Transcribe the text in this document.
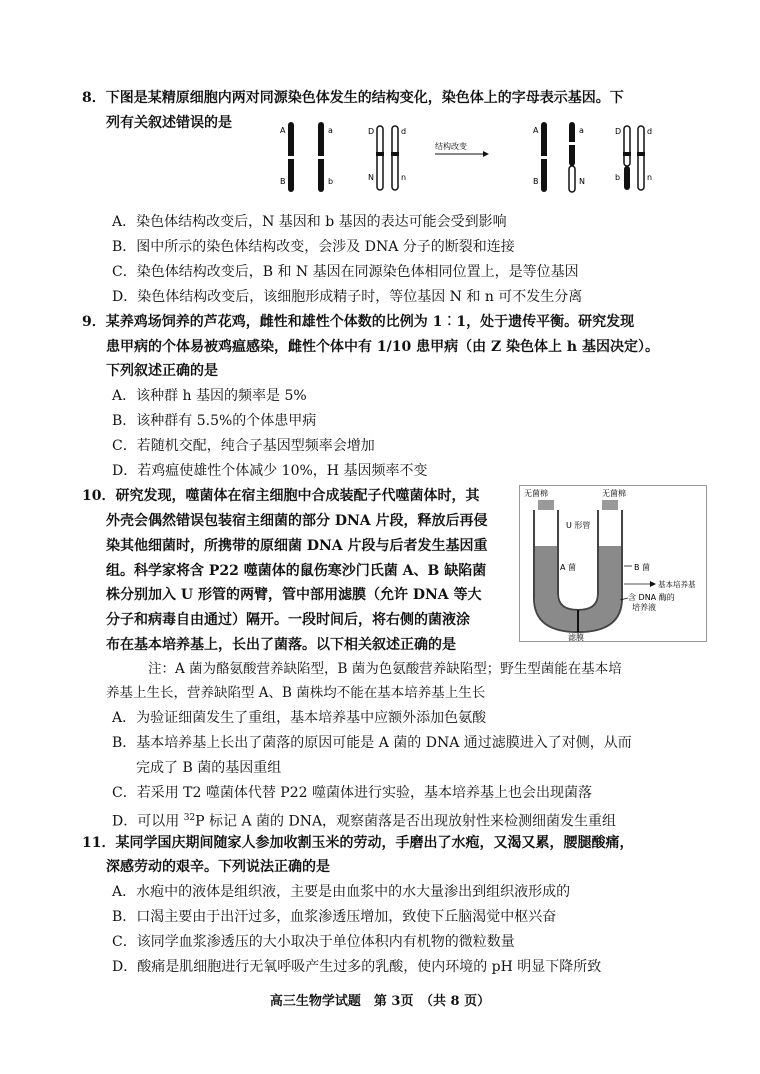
8．下图是某精原细胞内两对同源染色体发生的结构变化，染色体上的字母表示基因。下
列有关叙述错误的是	A
B
a
b
D
N
d
n
结构改变
A
B
a
N
D
b
d
n
A．染色体结构改变后，N 基因和 b 基因的表达可能会受到影响
B．图中所示的染色体结构改变，会涉及 DNA 分子的断裂和连接
C．染色体结构改变后，B 和 N 基因在同源染色体相同位置上，是等位基因
D．染色体结构改变后，该细胞形成精子时，等位基因 N 和 n 可不发生分离
9．某养鸡场饲养的芦花鸡，雌性和雄性个体数的比例为 1︰1，处于遗传平衡。研究发现
患甲病的个体易被鸡瘟感染，雌性个体中有 1/10 患甲病（由 Z 染色体上 h 基因决定）。
下列叙述正确的是
A．该种群 h 基因的频率是 5%
B．该种群有 5.5%的个体患甲病
C．若随机交配，纯合子基因型频率会增加
D．若鸡瘟使雄性个体减少 10%，H 基因频率不变
10．研究发现，噬菌体在宿主细胞中合成装配子代噬菌体时，其
外壳会偶然错误包装宿主细菌的部分 DNA 片段，释放后再侵
染其他细菌时，所携带的原细菌 DNA 片段与后者发生基因重
组。科学家将含 P22 噬菌体的鼠伤寒沙门氏菌 A、B 缺陷菌
株分别加入 U 形管的两臂，管中部用滤膜（允许 DNA 等大
分子和病毒自由通过）隔开。一段时间后，将右侧的菌液涂
布在基本培养基上，长出了菌落。以下相关叙述正确的是
无菌棉	无菌棉
U 形管
A 菌	B 菌
基本培养基
含 DNA 酶的
培养液
滤膜
注：A 菌为酪氨酸营养缺陷型，B 菌为色氨酸营养缺陷型；野生型菌能在基本培
养基上生长，营养缺陷型 A、B 菌株均不能在基本培养基上生长
A．为验证细菌发生了重组，基本培养基中应额外添加色氨酸
B．基本培养基上长出了菌落的原因可能是 A 菌的 DNA 通过滤膜进入了对侧，从而
完成了 B 菌的基因重组
C．若采用 T2 噬菌体代替 P22 噬菌体进行实验，基本培养基上也会出现菌落
D．可以用 $^{32}$P 标记 A 菌的 DNA，观察菌落是否出现放射性来检测细菌发生重组
11．某同学国庆期间随家人参加收割玉米的劳动，手磨出了水疱，又渴又累，腰腿酸痛，
深感劳动的艰辛。下列说法正确的是
A．水疱中的液体是组织液，主要是由血浆中的水大量渗出到组织液形成的
B．口渴主要由于出汗过多，血浆渗透压增加，致使下丘脑渴觉中枢兴奋
C．该同学血浆渗透压的大小取决于单位体积内有机物的微粒数量
D．酸痛是肌细胞进行无氧呼吸产生过多的乳酸，使内环境的 pH 明显下降所致
高三生物学试题　第 3页　（共 8 页）
